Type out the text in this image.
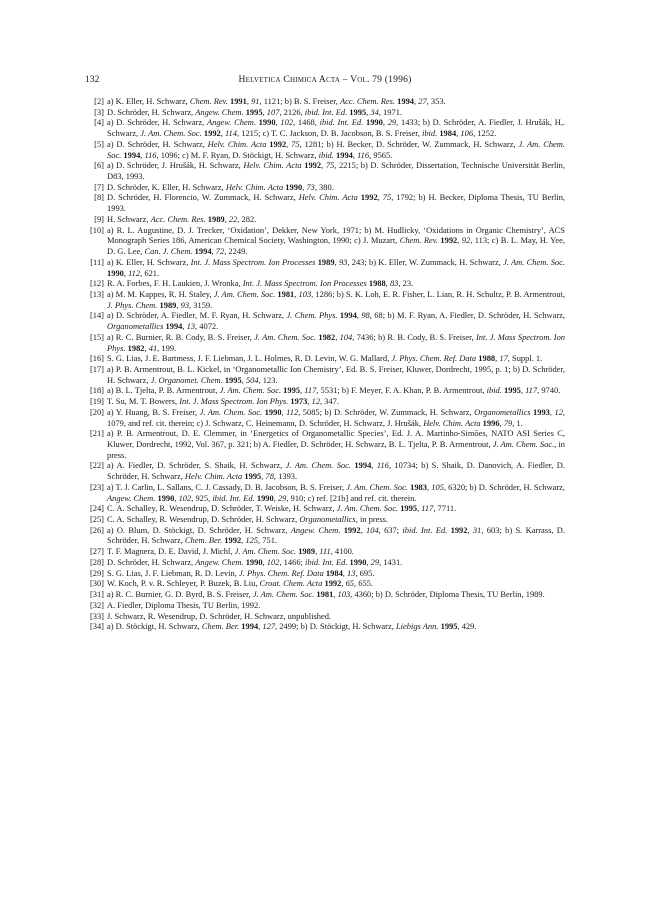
132	Helvetica Chimica Acta – Vol. 79 (1996)
[2] a) K. Eller, H. Schwarz, Chem. Rev. 1991, 91, 1121; b) B. S. Freiser, Acc. Chem. Res. 1994, 27, 353.
[3] D. Schröder, H. Schwarz, Angew. Chem. 1995, 107, 2126, ibid. Int. Ed. 1995, 34, 1971.
[4] a) D. Schröder, H. Schwarz, Angew. Chem. 1990, 102, 1468, ibid. Int. Ed. 1990, 29, 1433; b) D. Schröder, A. Fiedler, J. Hrušák, H,. Schwarz, J. Am. Chem. Soc. 1992, 114, 1215; c) T. C. Jackson, D. B. Jacobson, B. S. Freiser, ibid. 1984, 106, 1252.
[5] a) D. Schröder, H. Schwarz, Helv. Chim. Acta 1992, 75, 1281; b) H. Becker, D. Schröder, W. Zummack, H. Schwarz, J. Am. Chem. Soc. 1994, 116, 1096; c) M. F. Ryan, D. Stöckigt, H. Schwarz, ibid. 1994, 116, 9565.
[6] a) D. Schröder, J. Hrušák, H. Schwarz, Helv. Chim. Acta 1992, 75, 2215; b) D. Schröder, Dissertation, Technische Universität Berlin, D83, 1993.
[7] D. Schröder, K. Eller, H. Schwarz, Helv. Chim. Acta 1990, 73, 380.
[8] D. Schröder, H. Florencio, W. Zummack, H. Schwarz, Helv. Chim. Acta 1992, 75, 1792; b) H. Becker, Diploma Thesis, TU Berlin, 1993.
[9] H. Schwarz, Acc. Chem. Res. 1989, 22, 282.
[10] a) R. L. Augustine, D. J. Trecker, ‘Oxidation’, Dekker, New York, 1971; b) M. Hudlicky, ‘Oxidations in Organic Chemistry’, ACS Monograph Series 186, American Chemical Society, Washington, 1990; c) J. Muzart, Chem. Rev. 1992, 92, 113; c) B. L. May, H. Yee, D. G. Lee, Can. J. Chem. 1994, 72, 2249.
[11] a) K. Eller, H. Schwarz, Int. J. Mass Spectrom. Ion Processes 1989, 93, 243; b) K. Eller, W. Zummack, H. Schwarz, J. Am. Chem. Soc. 1990, 112, 621.
[12] R. A. Forbes, F. H. Laukien, J. Wronka, Int. J. Mass Spectrom. Ion Processes 1988, 83, 23.
[13] a) M. M. Kappes, R. H. Staley, J. Am. Chem. Soc. 1981, 103, 1286; b) S. K. Loh, E. R. Fisher, L. Lian, R. H. Schultz, P. B. Armentrout, J. Phys. Chem. 1989, 93, 3159.
[14] a) D. Schröder, A. Fiedler, M. F. Ryan, H. Schwarz, J. Chem. Phys. 1994, 98, 68; b) M. F. Ryan, A. Fiedler, D. Schröder, H. Schwarz, Organometallics 1994, 13, 4072.
[15] a) R. C. Burnier, R. B. Cody, B. S. Freiser, J. Am. Chem. Soc. 1982, 104, 7436; b) R. B. Cody, B. S. Freiser, Int. J. Mass Spectrom. Ion Phys. 1982, 41, 199.
[16] S. G. Lias, J. E. Bartmess, J. F. Liebman, J. L. Holmes, R. D. Levin, W. G. Mallard, J. Phys. Chem. Ref. Data 1988, 17, Suppl. 1.
[17] a) P. B. Armentrout, B. L. Kickel, in ‘Organometallic Ion Chemistry’, Ed. B. S. Freiser, Kluwer, Dordrecht, 1995, p. 1; b) D. Schröder, H. Schwarz, J. Organomet. Chem. 1995, 504, 123.
[18] a) B. L. Tjelta, P. B. Armentrout, J. Am. Chem. Soc. 1995, 117, 5531; b) F. Meyer, F. A. Khan, P. B. Armentrout, ibid. 1995, 117, 9740.
[19] T. Su, M. T. Bowers, Int. J. Mass Spectrom. Ion Phys. 1973, 12, 347.
[20] a) Y. Huang, B. S. Freiser, J. Am. Chem. Soc. 1990, 112, 5085; b) D. Schröder, W. Zummack, H. Schwarz, Organometallics 1993, 12, 1079, and ref. cit. therein; c) J. Schwarz, C. Heinemann, D. Schröder, H. Schwarz, J. Hrušák, Helv. Chim. Acta 1996, 79, 1.
[21] a) P. B. Armentrout, D. E. Clemmer, in ‘Energetics of Organometallic Species’, Ed. J. A. Martinho-Simões, NATO ASI Series C, Kluwer, Dordrecht, 1992, Vol. 367, p. 321; b) A. Fiedler, D. Schröder, H. Schwarz, B. L. Tjelta, P. B. Armentrout, J. Am. Chem. Soc., in press.
[22] a) A. Fiedler, D. Schröder, S. Shaik, H. Schwarz, J. Am. Chem. Soc. 1994, 116, 10734; b) S. Shaik, D. Danovich, A. Fiedler, D. Schröder, H. Schwarz, Helv. Chim. Acta 1995, 78, 1393.
[23] a) T. J. Carlin, L. Sallans, C. J. Cassady, D. B. Jacobson, B. S. Freiser, J. Am. Chem. Soc. 1983, 105, 6320; b) D. Schröder, H. Schwarz, Angew. Chem. 1990, 102, 925, ibid. Int. Ed. 1990, 29, 910; c) ref. [21b] and ref. cit. therein.
[24] C. A. Schalley, R. Wesendrup, D. Schröder, T. Weiske, H. Schwarz, J. Am. Chem. Soc. 1995, 117, 7711.
[25] C. A. Schalley, R. Wesendrup, D. Schröder, H. Schwarz, Organometallics, in press.
[26] a) O. Blum, D. Stöckigt, D. Schröder, H. Schwarz, Angew. Chem. 1992, 104, 637; ibid. Int. Ed. 1992, 31, 603; b) S. Karrass, D. Schröder, H. Schwarz, Chem. Ber. 1992, 125, 751.
[27] T. F. Magnera, D. E. David, J. Michl, J. Am. Chem. Soc. 1989, 111, 4100.
[28] D. Schröder, H. Schwarz, Angew. Chem. 1990, 102, 1466; ibid. Int. Ed. 1990, 29, 1431.
[29] S. G. Lias, J. F. Liebman, R. D. Levin, J. Phys. Chem. Ref. Data 1984, 13, 695.
[30] W. Koch, P. v. R. Schleyer, P. Buzek, B. Liu, Croat. Chem. Acta 1992, 65, 655.
[31] a) R. C. Burnier, G. D. Byrd, B. S. Freiser, J. Am. Chem. Soc. 1981, 103, 4360; b) D. Schröder, Diploma Thesis, TU Berlin, 1989.
[32] A. Fiedler, Diploma Thesis, TU Berlin, 1992.
[33] J. Schwarz, R. Wesendrup, D. Schröder, H. Schwarz, unpublished.
[34] a) D. Stöckigt, H. Schwarz, Chem. Ber. 1994, 127, 2499; b) D. Stöckigt, H. Schwarz, Liebigs Ann. 1995, 429.
